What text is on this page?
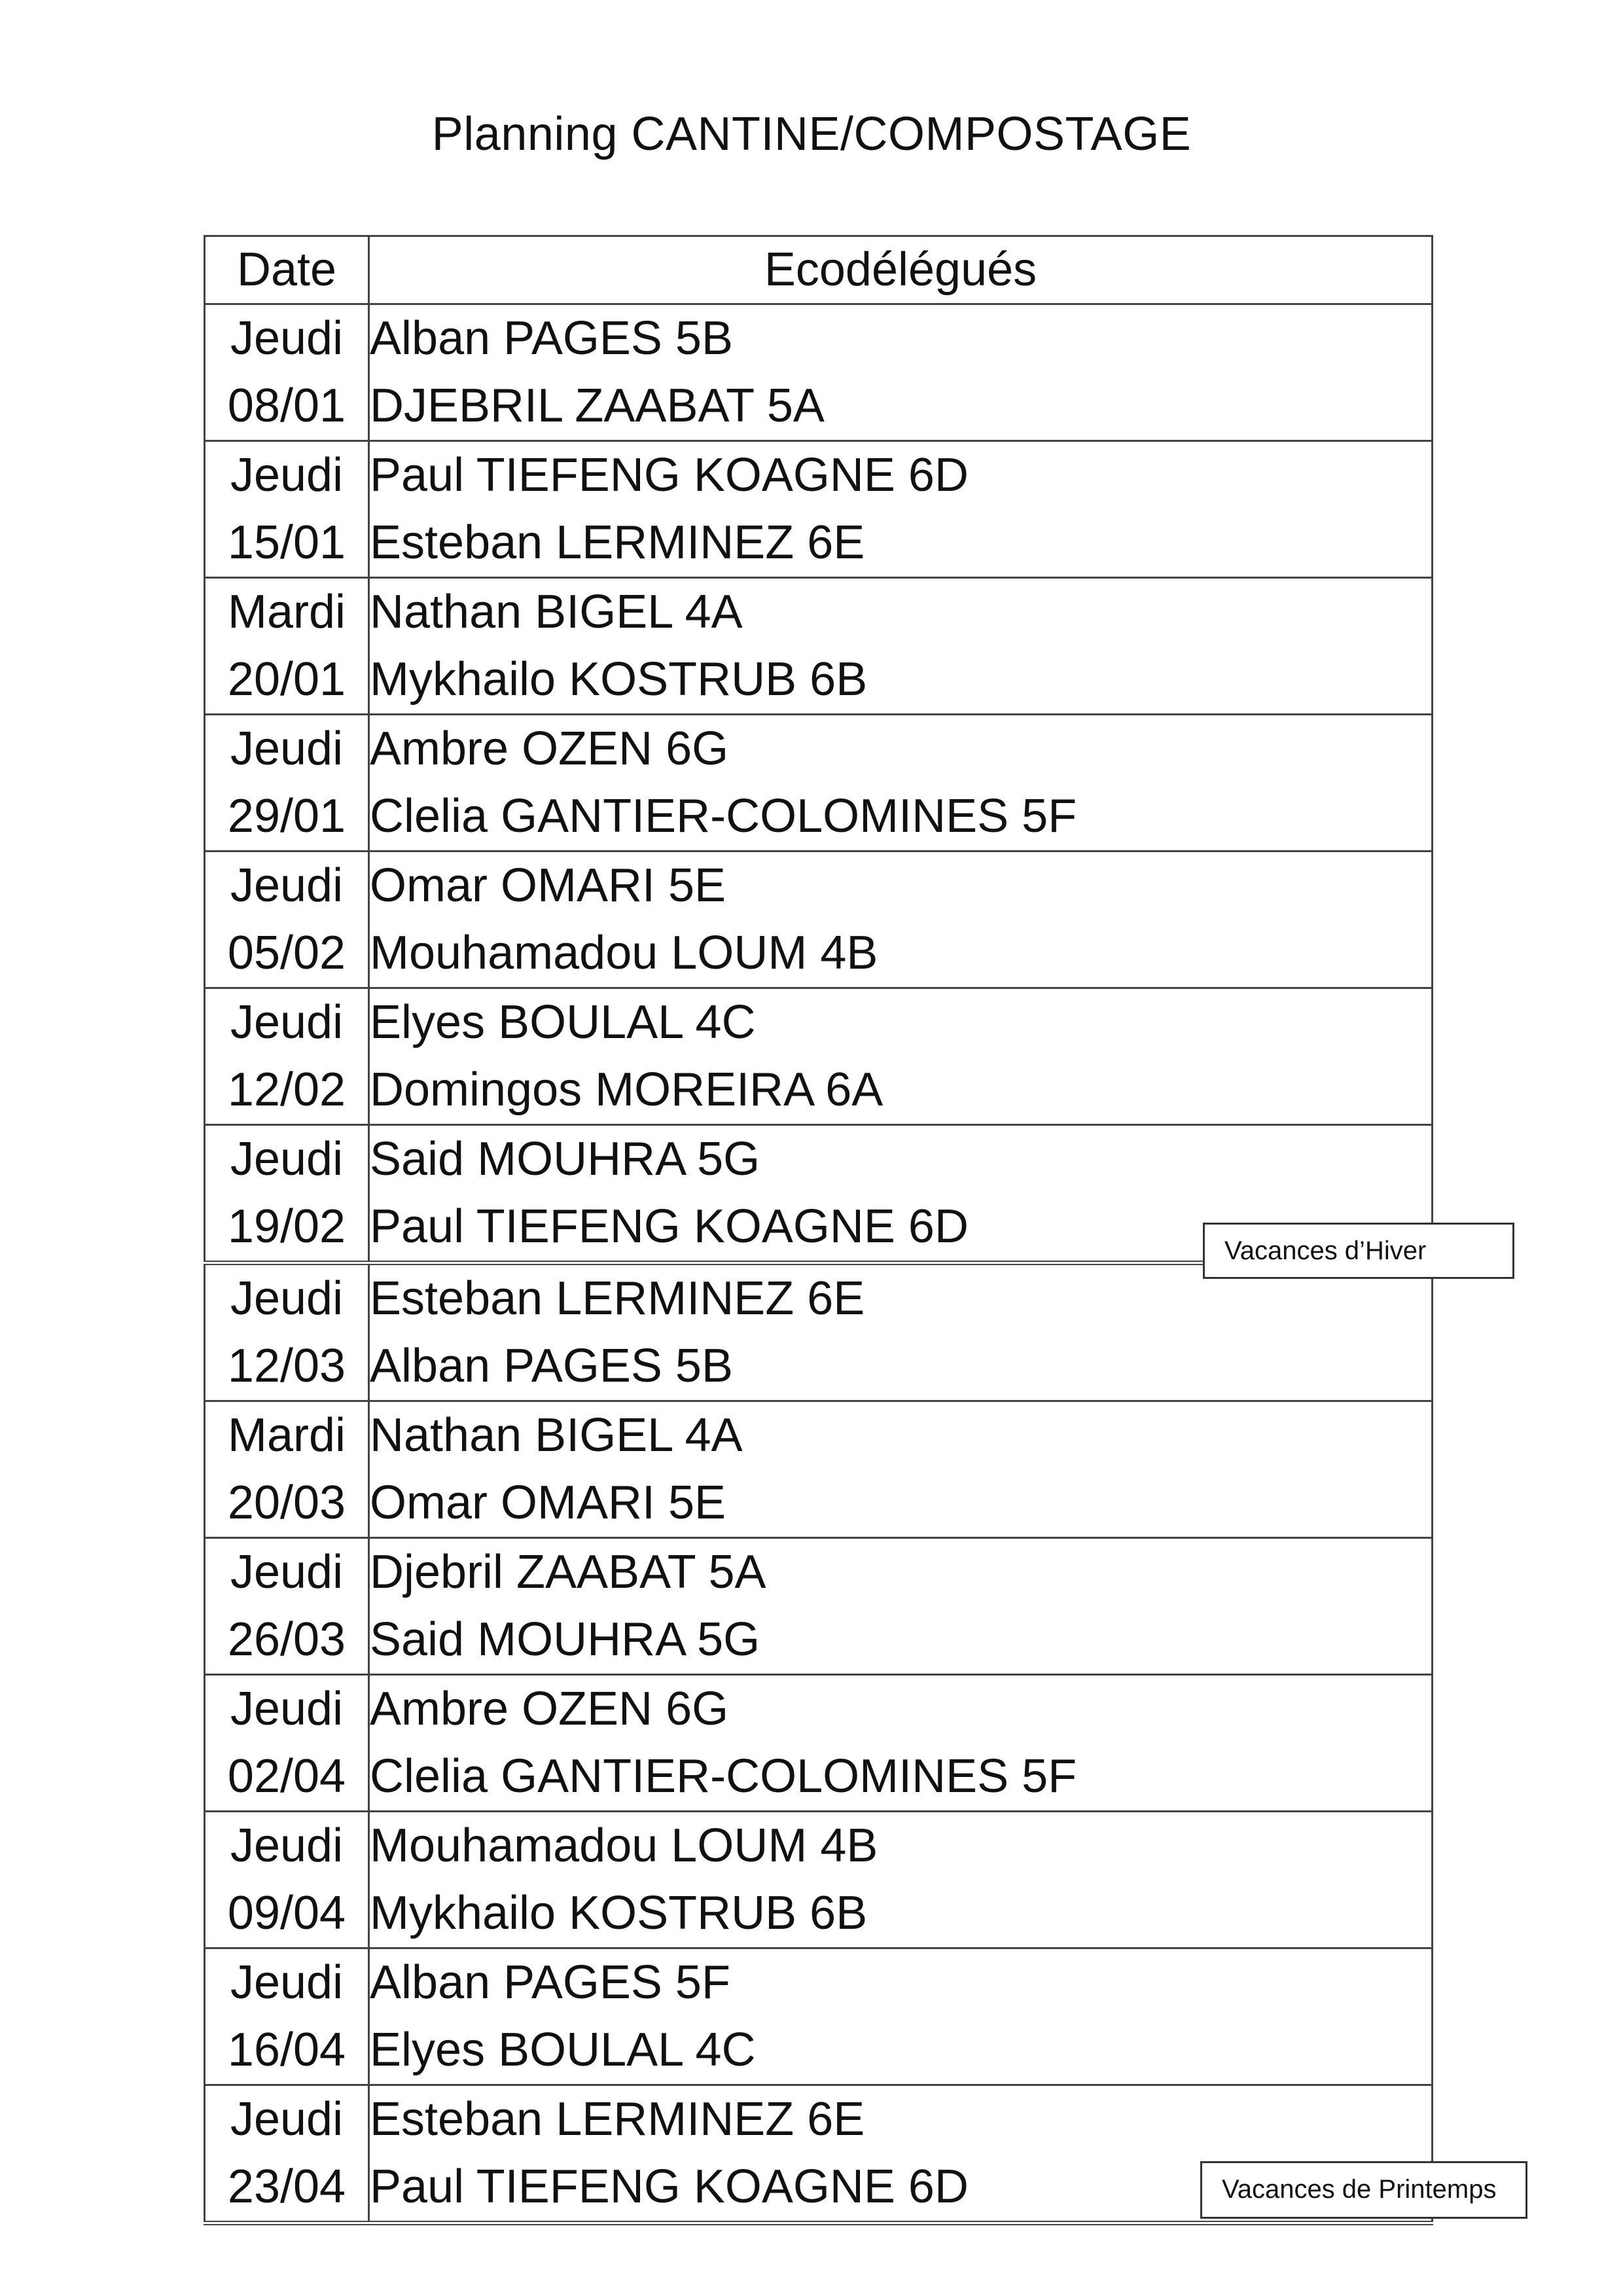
Planning CANTINE/COMPOSTAGE
Date	Ecodélégués

Jeudi
08/01	Alban PAGES 5B
DJEBRIL ZAABAT 5A

Jeudi
15/01	Paul TIEFENG KOAGNE 6D
Esteban LERMINEZ 6E

Mardi
20/01	Nathan BIGEL 4A
Mykhailo KOSTRUB 6B

Jeudi
29/01	Ambre OZEN 6G
Clelia GANTIER-COLOMINES 5F

Jeudi
05/02	Omar OMARI 5E
Mouhamadou LOUM 4B

Jeudi
12/02	Elyes BOULAL 4C
Domingos MOREIRA 6A

Jeudi
19/02	Said MOUHRA 5G
Paul TIEFENG KOAGNE 6D

Jeudi
12/03	Esteban LERMINEZ 6E
Alban PAGES 5B

Mardi
20/03	Nathan BIGEL 4A
Omar OMARI 5E

Jeudi
26/03	Djebril ZAABAT 5A
Said MOUHRA 5G

Jeudi
02/04	Ambre OZEN 6G
Clelia GANTIER-COLOMINES 5F

Jeudi
09/04	Mouhamadou LOUM 4B
Mykhailo KOSTRUB 6B

Jeudi
16/04	Alban PAGES 5F
Elyes BOULAL 4C

Jeudi
23/04	Esteban LERMINEZ 6E
Paul TIEFENG KOAGNE 6D
Vacances d’Hiver
Vacances de Printemps
